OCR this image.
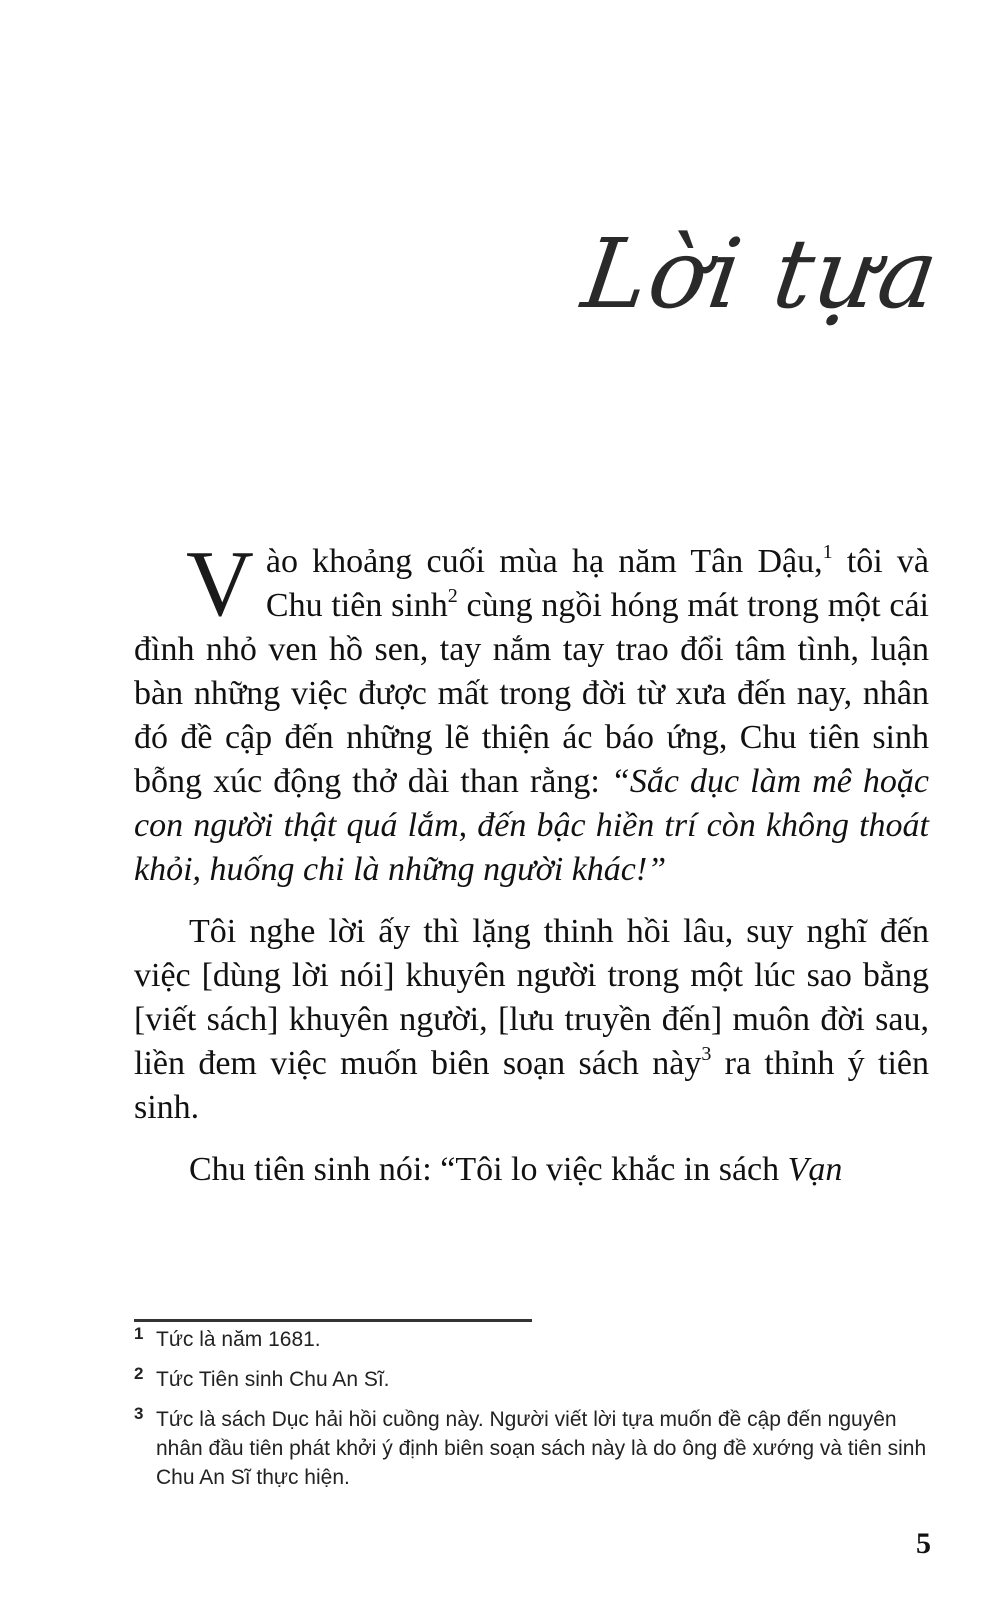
Lời tựa

Vào khoảng cuối mùa hạ năm Tân Dậu,$^1$ tôi và Chu tiên $\sinh^2$ cùng ngồi hóng mát trong một cái đình nhỏ ven hồ sen, tay nắm tay trao đổi tâm tình, luận bàn những việc được mất trong đời từ xưa đến nay, nhân đó đề cập đến những lẽ thiện ác báo ứng, Chu tiên sinh bỗng xúc động thở dài than rằng: “Sắc dục làm mê hoặc con người thật quá lắm, đến bậc hiền trí còn không thoát khỏi, huống chi là những người khác!”

Tôi nghe lời ấy thì lặng thinh hồi lâu, suy nghĩ đến việc [dùng lời nói] khuyên người trong một lúc sao bằng [viết sách] khuyên người, [lưu truyền đến] muôn đời sau, liền đem việc muốn biên soạn sách này$^3$ ra thỉnh ý tiên sinh.

Chu tiên sinh nói: “Tôi lo việc khắc in sách Vạn

1 Tức là năm 1681.
2 Tức Tiên sinh Chu An Sĩ.
3 Tức là sách Dục hải hồi cuồng này. Người viết lời tựa muốn đề cập đến nguyên nhân đầu tiên phát khởi ý định biên soạn sách này là do ông đề xướng và tiên sinh Chu An Sĩ thực hiện.
5
